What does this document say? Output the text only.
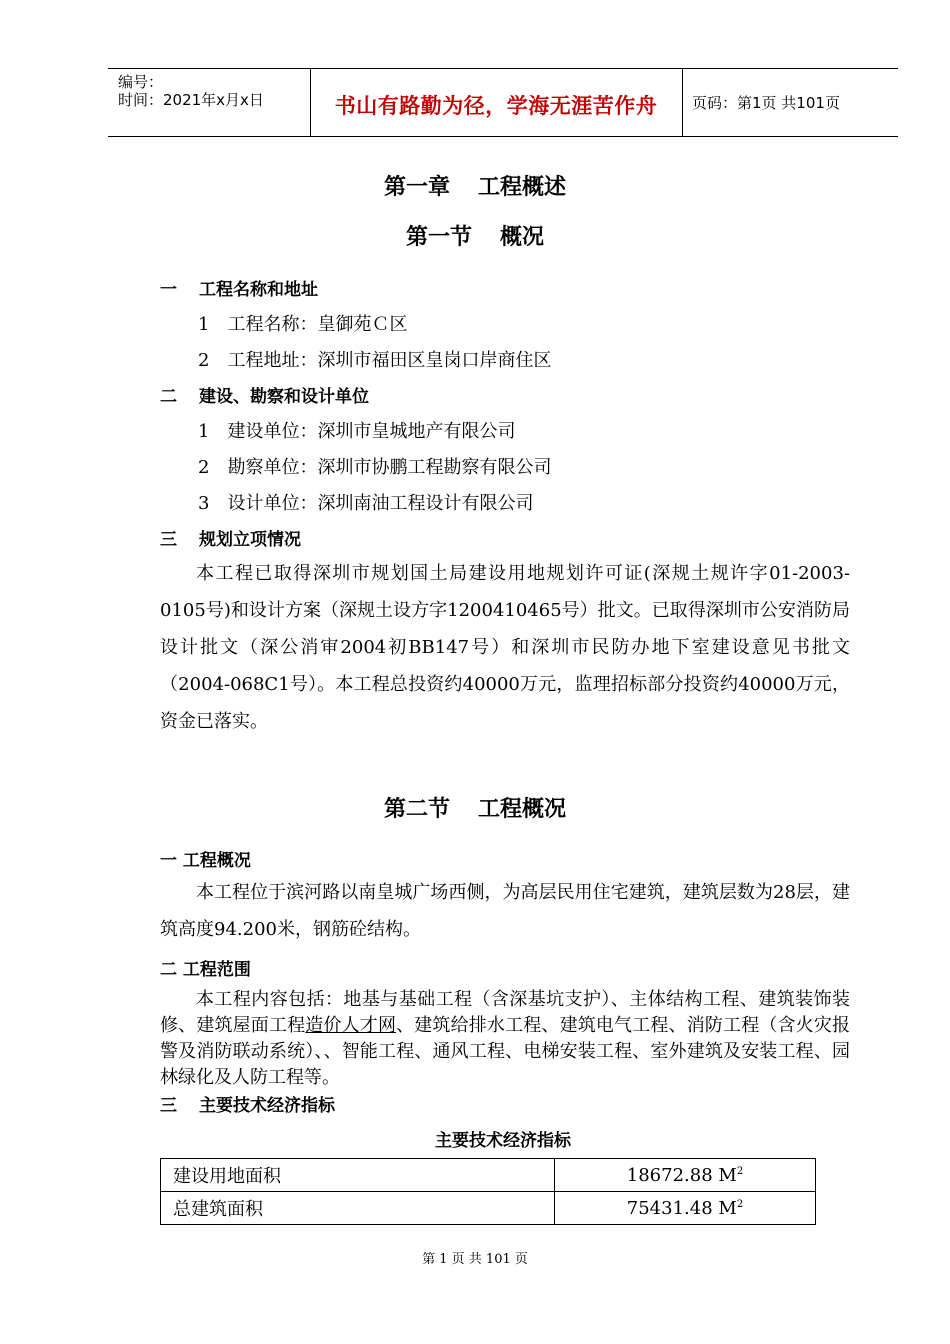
编号：
时间：2021年x月x日	书山有路勤为径，学海无涯苦作舟	页码：第1页 共101页
第一章 工程概述
第一节 概况
一 工程名称和地址
1　工程名称：皇御苑Ｃ区
2　工程地址：深圳市福田区皇岗口岸商住区
二 建设、勘察和设计单位
1　建设单位：深圳市皇城地产有限公司
2　勘察单位：深圳市协鹏工程勘察有限公司
3　设计单位：深圳南油工程设计有限公司
三 规划立项情况
本工程已取得深圳市规划国土局建设用地规划许可证(深规土规许字01-2003-0105号)和设计方案（深规土设方字1200410465号）批文。已取得深圳市公安消防局设计批文（深公消审2004初BB147号）和深圳市民防办地下室建设意见书批文（2004-068C1号）。本工程总投资约40000万元，监理招标部分投资约40000万元，资金已落实。
第二节 工程概况
一 工程概况
本工程位于滨河路以南皇城广场西侧，为高层民用住宅建筑，建筑层数为28层，建筑高度94.200米，钢筋砼结构。
二 工程范围
本工程内容包括：地基与基础工程（含深基坑支护）、主体结构工程、建筑装饰装修、建筑屋面工程造价人才网、建筑给排水工程、建筑电气工程、消防工程（含火灾报警及消防联动系统）、、智能工程、通风工程、电梯安装工程、室外建筑及安装工程、园林绿化及人防工程等。
三 主要技术经济指标
主要技术经济指标
建设用地面积	18672.88 $M^2$
总建筑面积	75431.48 $M^2$
第 1 页 共 101 页
